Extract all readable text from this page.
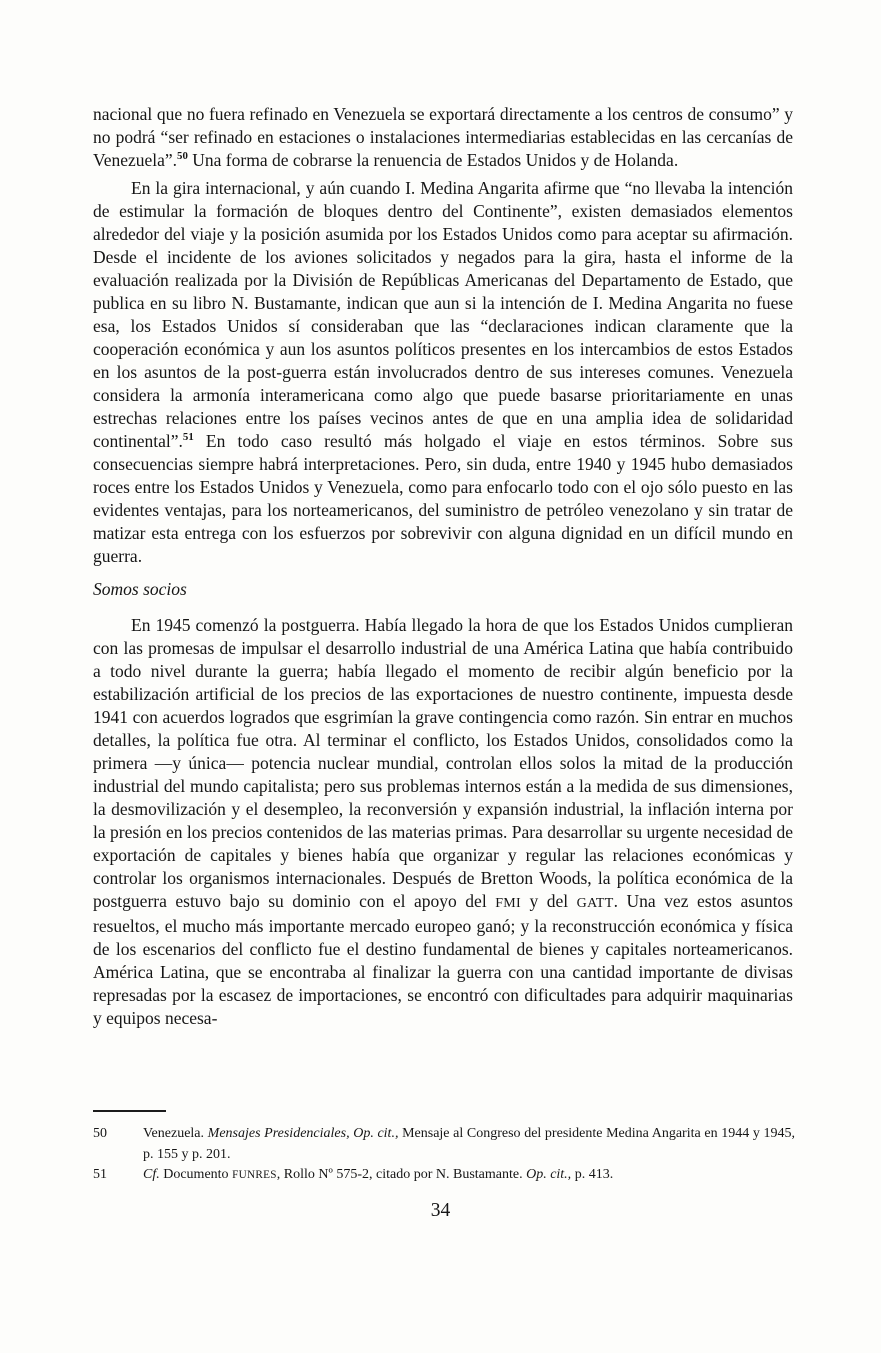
nacional que no fuera refinado en Venezuela se exportará directamente a los centros de consumo” y no podrá “ser refinado en estaciones o instalaciones intermediarias establecidas en las cercanías de Venezuela”.$^{50}$ Una forma de cobrarse la renuencia de Estados Unidos y de Holanda.

En la gira internacional, y aún cuando I. Medina Angarita afirme que “no llevaba la intención de estimular la formación de bloques dentro del Continente”, existen demasiados elementos alrededor del viaje y la posición asumida por los Estados Unidos como para aceptar su afirmación. Desde el incidente de los aviones solicitados y negados para la gira, hasta el informe de la evaluación realizada por la División de Repúblicas Americanas del Departamento de Estado, que publica en su libro N. Bustamante, indican que aun si la intención de I. Medina Angarita no fuese esa, los Estados Unidos sí consideraban que las “declaraciones indican claramente que la cooperación económica y aun los asuntos políticos presentes en los intercambios de estos Estados en los asuntos de la post-guerra están involucrados dentro de sus intereses comunes. Venezuela considera la armonía interamericana como algo que puede basarse prioritariamente en unas estrechas relaciones entre los países vecinos antes de que en una amplia idea de solidaridad continental”.$^{51}$ En todo caso resultó más holgado el viaje en estos términos. Sobre sus consecuencias siempre habrá interpretaciones. Pero, sin duda, entre 1940 y 1945 hubo demasiados roces entre los Estados Unidos y Venezuela, como para enfocarlo todo con el ojo sólo puesto en las evidentes ventajas, para los norteamericanos, del suministro de petróleo venezolano y sin tratar de matizar esta entrega con los esfuerzos por sobrevivir con alguna dignidad en un difícil mundo en guerra.

Somos socios

En 1945 comenzó la postguerra. Había llegado la hora de que los Estados Unidos cumplieran con las promesas de impulsar el desarrollo industrial de una América Latina que había contribuido a todo nivel durante la guerra; había llegado el momento de recibir algún beneficio por la estabilización artificial de los precios de las exportaciones de nuestro continente, impuesta desde 1941 con acuerdos logrados que esgrimían la grave contingencia como razón. Sin entrar en muchos detalles, la política fue otra. Al terminar el conflicto, los Estados Unidos, consolidados como la primera —y única— potencia nuclear mundial, controlan ellos solos la mitad de la producción industrial del mundo capitalista; pero sus problemas internos están a la medida de sus dimensiones, la desmovilización y el desempleo, la reconversión y expansión industrial, la inflación interna por la presión en los precios contenidos de las materias primas. Para desarrollar su urgente necesidad de exportación de capitales y bienes había que organizar y regular las relaciones económicas y controlar los organismos internacionales. Después de Bretton Woods, la política económica de la postguerra estuvo bajo su dominio con el apoyo del FMI y del GATT. Una vez estos asuntos resueltos, el mucho más importante mercado europeo ganó; y la reconstrucción económica y física de los escenarios del conflicto fue el destino fundamental de bienes y capitales norteamericanos. América Latina, que se encontraba al finalizar la guerra con una cantidad importante de divisas represadas por la escasez de importaciones, se encontró con dificultades para adquirir maquinarias y equipos necesa-

50	Venezuela. Mensajes Presidenciales, Op. cit., Mensaje al Congreso del presidente Medina Angarita en 1944 y 1945, p. 155 y p. 201.
51	Cf. Documento FUNRES, Rollo Nº 575-2, citado por N. Bustamante. Op. cit., p. 413.
34
